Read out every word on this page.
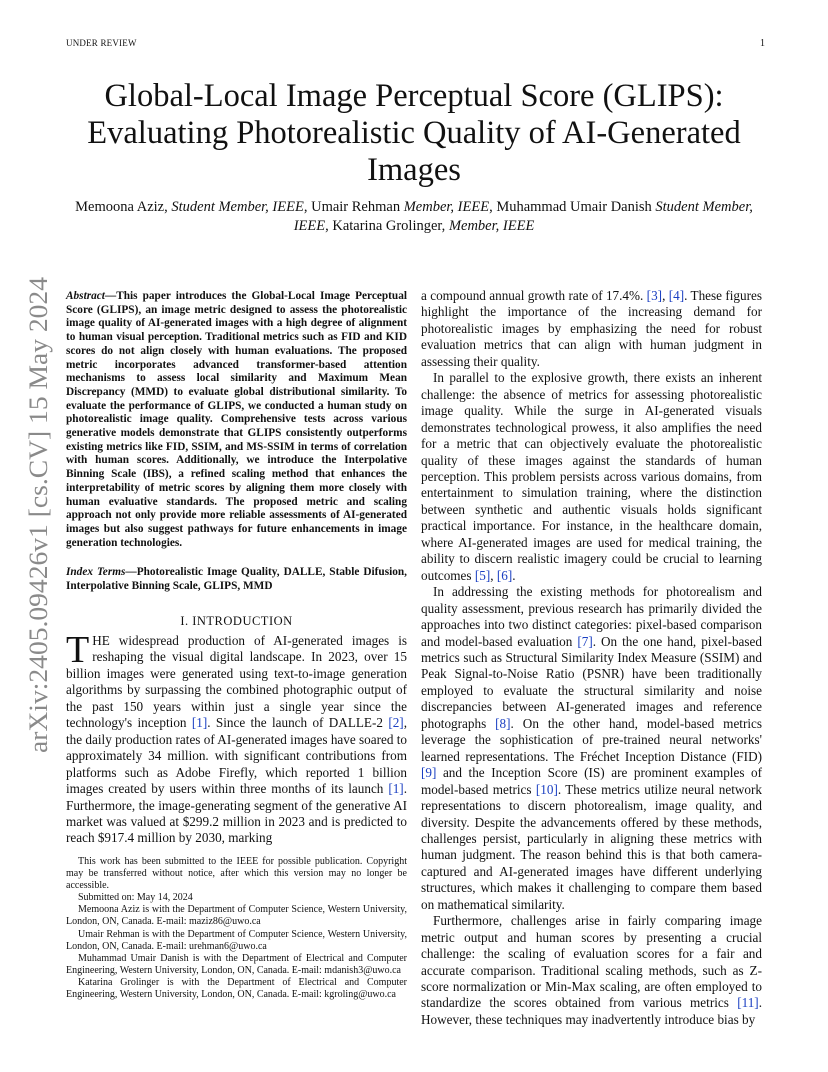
UNDER REVIEW	1
Global-Local Image Perceptual Score (GLIPS): Evaluating Photorealistic Quality of AI-Generated Images
Memoona Aziz, Student Member, IEEE, Umair Rehman Member, IEEE, Muhammad Umair Danish Student Member, IEEE, Katarina Grolinger, Member, IEEE
arXiv:2405.09426v1 [cs.CV] 15 May 2024

Abstract—This paper introduces the Global-Local Image Perceptual Score (GLIPS), an image metric designed to assess the photorealistic image quality of AI-generated images with a high degree of alignment to human visual perception. Traditional metrics such as FID and KID scores do not align closely with human evaluations. The proposed metric incorporates advanced transformer-based attention mechanisms to assess local similarity and Maximum Mean Discrepancy (MMD) to evaluate global distributional similarity. To evaluate the performance of GLIPS, we conducted a human study on photorealistic image quality. Comprehensive tests across various generative models demonstrate that GLIPS consistently outperforms existing metrics like FID, SSIM, and MS-SSIM in terms of correlation with human scores. Additionally, we introduce the Interpolative Binning Scale (IBS), a refined scaling method that enhances the interpretability of metric scores by aligning them more closely with human evaluative standards. The proposed metric and scaling approach not only provide more reliable assessments of AI-generated images but also suggest pathways for future enhancements in image generation technologies.

Index Terms—Photorealistic Image Quality, DALLE, Stable Difusion, Interpolative Binning Scale, GLIPS, MMD

I. INTRODUCTION

THE widespread production of AI-generated images is reshaping the visual digital landscape. In 2023, over 15 billion images were generated using text-to-image generation algorithms by surpassing the combined photographic output of the past 150 years within just a single year since the technology's inception [1]. Since the launch of DALLE-2 [2], the daily production rates of AI-generated images have soared to approximately 34 million. with significant contributions from platforms such as Adobe Firefly, which reported 1 billion images created by users within three months of its launch [1]. Furthermore, the image-generating segment of the generative AI market was valued at $299.2 million in 2023 and is predicted to reach $917.4 million by 2030, marking

This work has been submitted to the IEEE for possible publication. Copyright may be transferred without notice, after which this version may no longer be accessible.

Submitted on: May 14, 2024

Memoona Aziz is with the Department of Computer Science, Western University, London, ON, Canada. E-mail: maziz86@uwo.ca

Umair Rehman is with the Department of Computer Science, Western University, London, ON, Canada. E-mail: urehman6@uwo.ca

Muhammad Umair Danish is with the Department of Electrical and Computer Engineering, Western University, London, ON, Canada. E-mail: mdanish3@uwo.ca

Katarina Grolinger is with the Department of Electrical and Computer Engineering, Western University, London, ON, Canada. E-mail: kgroling@uwo.ca

a compound annual growth rate of 17.4%. [3], [4]. These figures highlight the importance of the increasing demand for photorealistic images by emphasizing the need for robust evaluation metrics that can align with human judgment in assessing their quality.

In parallel to the explosive growth, there exists an inherent challenge: the absence of metrics for assessing photorealistic image quality. While the surge in AI-generated visuals demonstrates technological prowess, it also amplifies the need for a metric that can objectively evaluate the photorealistic quality of these images against the standards of human perception. This problem persists across various domains, from entertainment to simulation training, where the distinction between synthetic and authentic visuals holds significant practical importance. For instance, in the healthcare domain, where AI-generated images are used for medical training, the ability to discern realistic imagery could be crucial to learning outcomes [5], [6].

In addressing the existing methods for photorealism and quality assessment, previous research has primarily divided the approaches into two distinct categories: pixel-based comparison and model-based evaluation [7]. On the one hand, pixel-based metrics such as Structural Similarity Index Measure (SSIM) and Peak Signal-to-Noise Ratio (PSNR) have been traditionally employed to evaluate the structural similarity and noise discrepancies between AI-generated images and reference photographs [8]. On the other hand, model-based metrics leverage the sophistication of pre-trained neural networks' learned representations. The Fréchet Inception Distance (FID) [9] and the Inception Score (IS) are prominent examples of model-based metrics [10]. These metrics utilize neural network representations to discern photorealism, image quality, and diversity. Despite the advancements offered by these methods, challenges persist, particularly in aligning these metrics with human judgment. The reason behind this is that both camera-captured and AI-generated images have different underlying structures, which makes it challenging to compare them based on mathematical similarity.

Furthermore, challenges arise in fairly comparing image metric output and human scores by presenting a crucial challenge: the scaling of evaluation scores for a fair and accurate comparison. Traditional scaling methods, such as Z-score normalization or Min-Max scaling, are often employed to standardize the scores obtained from various metrics [11]. However, these techniques may inadvertently introduce bias by
